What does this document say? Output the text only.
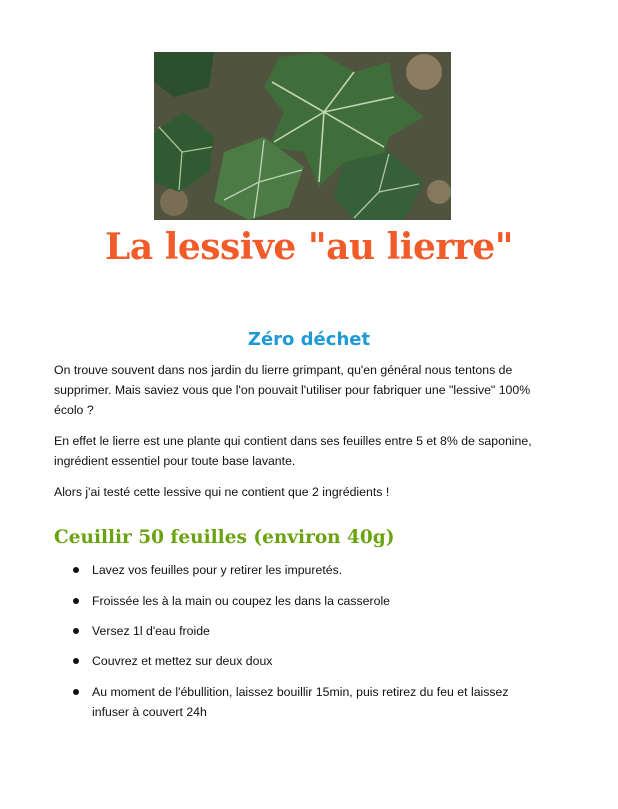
La lessive "au lierre"
Zéro déchet

On trouve souvent dans nos jardin du lierre grimpant, qu'en général nous tentons de supprimer. Mais saviez vous que l'on pouvait l'utiliser pour fabriquer une "lessive" 100% écolo ?

En effet le lierre est une plante qui contient dans ses feuilles entre 5 et 8% de saponine, ingrédient essentiel pour toute base lavante.

Alors j'ai testé cette lessive qui ne contient que 2 ingrédients !

Ceuillir 50 feuilles (environ 40g)
Lavez vos feuilles pour y retirer les impuretés.
Froissée les à la main ou coupez les dans la casserole
Versez 1l d'eau froide
Couvrez et mettez sur deux doux
Au moment de l'ébullition, laissez bouillir 15min, puis retirez du feu et laissez infuser à couvert 24h
